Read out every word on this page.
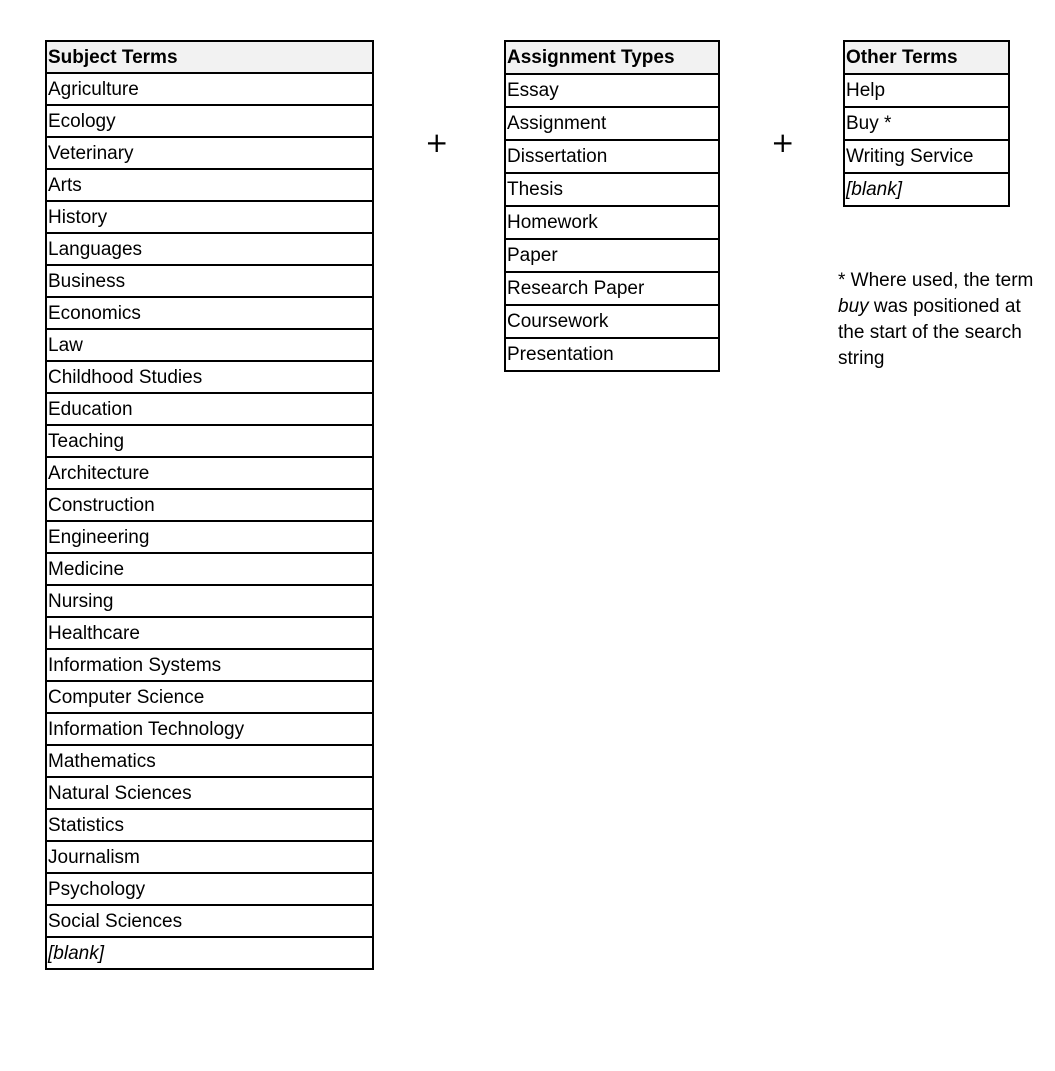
Subject Terms
Agriculture
Ecology
Veterinary
Arts
History
Languages
Business
Economics
Law
Childhood Studies
Education
Teaching
Architecture
Construction
Engineering
Medicine
Nursing
Healthcare
Information Systems
Computer Science
Information Technology
Mathematics
Natural Sciences
Statistics
Journalism
Psychology
Social Sciences
[blank]
+
Assignment Types
Essay
Assignment
Dissertation
Thesis
Homework
Paper
Research Paper
Coursework
Presentation
+
Other Terms
Help
Buy *
Writing Service
[blank]
* Where used, the term buy was positioned at the start of the search string
